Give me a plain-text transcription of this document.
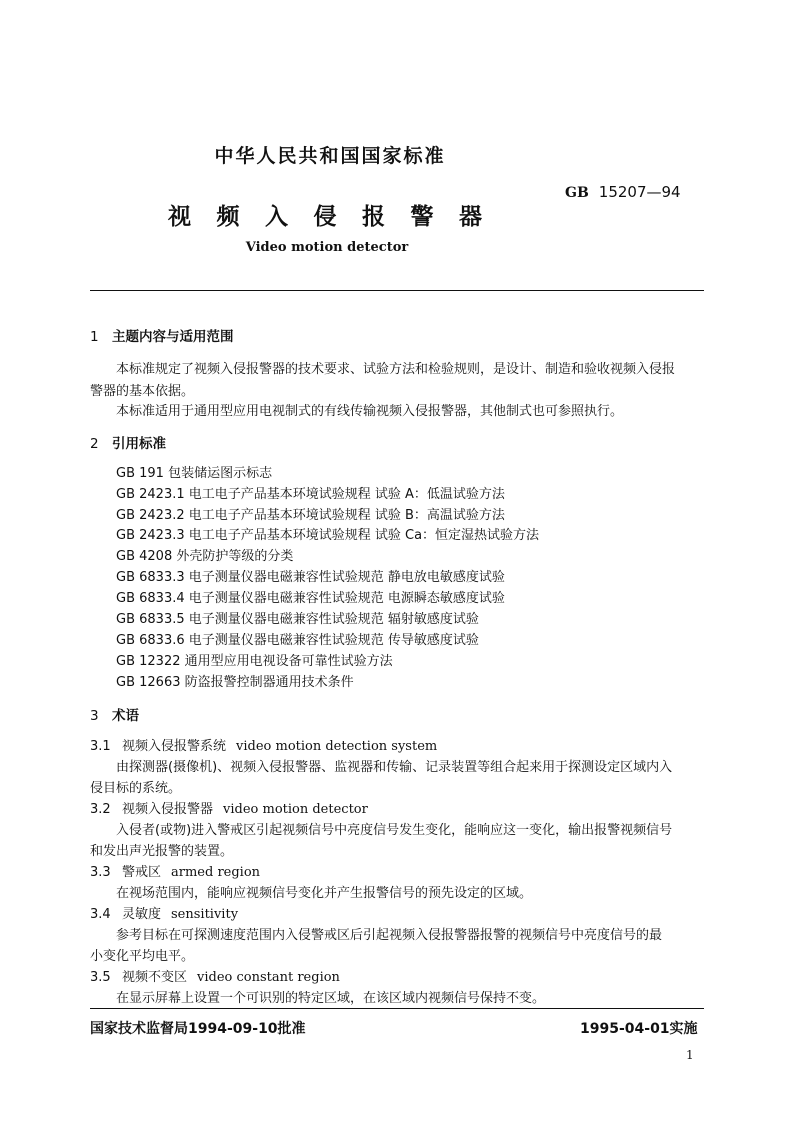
中华人民共和国国家标准
GB 15207—94
视 频 入 侵 报 警 器
Video motion detector
1 主题内容与适用范围
本标准规定了视频入侵报警器的技术要求、试验方法和检验规则，是设计、制造和验收视频入侵报
警器的基本依据。
本标准适用于通用型应用电视制式的有线传输视频入侵报警器，其他制式也可参照执行。
2 引用标准
GB 191 包装储运图示标志
GB 2423.1 电工电子产品基本环境试验规程 试验 A：低温试验方法
GB 2423.2 电工电子产品基本环境试验规程 试验 B：高温试验方法
GB 2423.3 电工电子产品基本环境试验规程 试验 Ca：恒定湿热试验方法
GB 4208 外壳防护等级的分类
GB 6833.3 电子测量仪器电磁兼容性试验规范 静电放电敏感度试验
GB 6833.4 电子测量仪器电磁兼容性试验规范 电源瞬态敏感度试验
GB 6833.5 电子测量仪器电磁兼容性试验规范 辐射敏感度试验
GB 6833.6 电子测量仪器电磁兼容性试验规范 传导敏感度试验
GB 12322 通用型应用电视设备可靠性试验方法
GB 12663 防盗报警控制器通用技术条件
3 术语
3.1 视频入侵报警系统 video motion detection system
由探测器(摄像机)、视频入侵报警器、监视器和传输、记录装置等组合起来用于探测设定区域内入
侵目标的系统。
3.2 视频入侵报警器 video motion detector
入侵者(或物)进入警戒区引起视频信号中亮度信号发生变化，能响应这一变化，输出报警视频信号
和发出声光报警的装置。
3.3 警戒区 armed region
在视场范围内，能响应视频信号变化并产生报警信号的预先设定的区域。
3.4 灵敏度 sensitivity
参考目标在可探测速度范围内入侵警戒区后引起视频入侵报警器报警的视频信号中亮度信号的最
小变化平均电平。
3.5 视频不变区 video constant region
在显示屏幕上设置一个可识别的特定区域，在该区域内视频信号保持不变。
国家技术监督局1994-09-10批准	1995-04-01实施
1
